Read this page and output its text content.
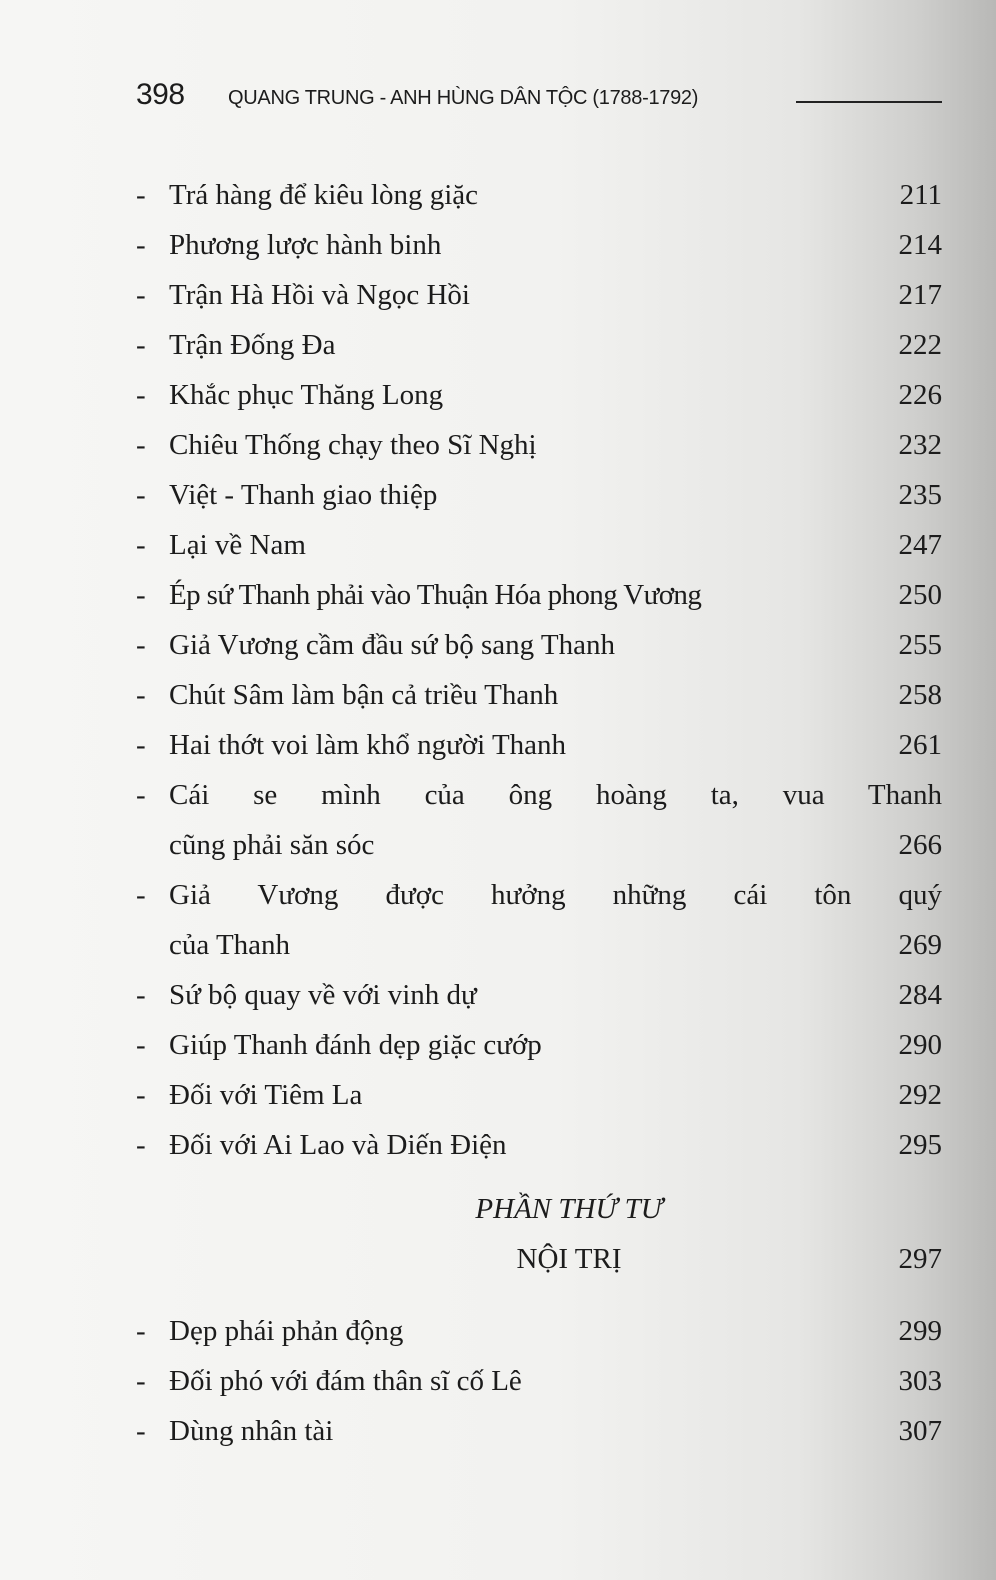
398 QUANG TRUNG - ANH HÙNG DÂN TỘC (1788-1792)
- Trá hàng để kiêu lòng giặc	211
- Phương lược hành binh	214
- Trận Hà Hồi và Ngọc Hồi	217
- Trận Đống Đa	222
- Khắc phục Thăng Long	226
- Chiêu Thống chạy theo Sĩ Nghị	232
- Việt - Thanh giao thiệp	235
- Lại về Nam	247
- Ép sứ Thanh phải vào Thuận Hóa phong Vương	250
- Giả Vương cầm đầu sứ bộ sang Thanh	255
- Chút Sâm làm bận cả triều Thanh	258
- Hai thớt voi làm khổ người Thanh	261
- Cái se mình của ông hoàng ta, vua Thanh
cũng phải săn sóc	266
- Giả Vương được hưởng những cái tôn quý
của Thanh	269
- Sứ bộ quay về với vinh dự	284
- Giúp Thanh đánh dẹp giặc cướp	290
- Đối với Tiêm La	292
- Đối với Ai Lao và Diến Điện	295
PHẦN THỨ TƯ
NỘI TRỊ	297
- Dẹp phái phản động	299
- Đối phó với đám thân sĩ cố Lê	303
- Dùng nhân tài	307
